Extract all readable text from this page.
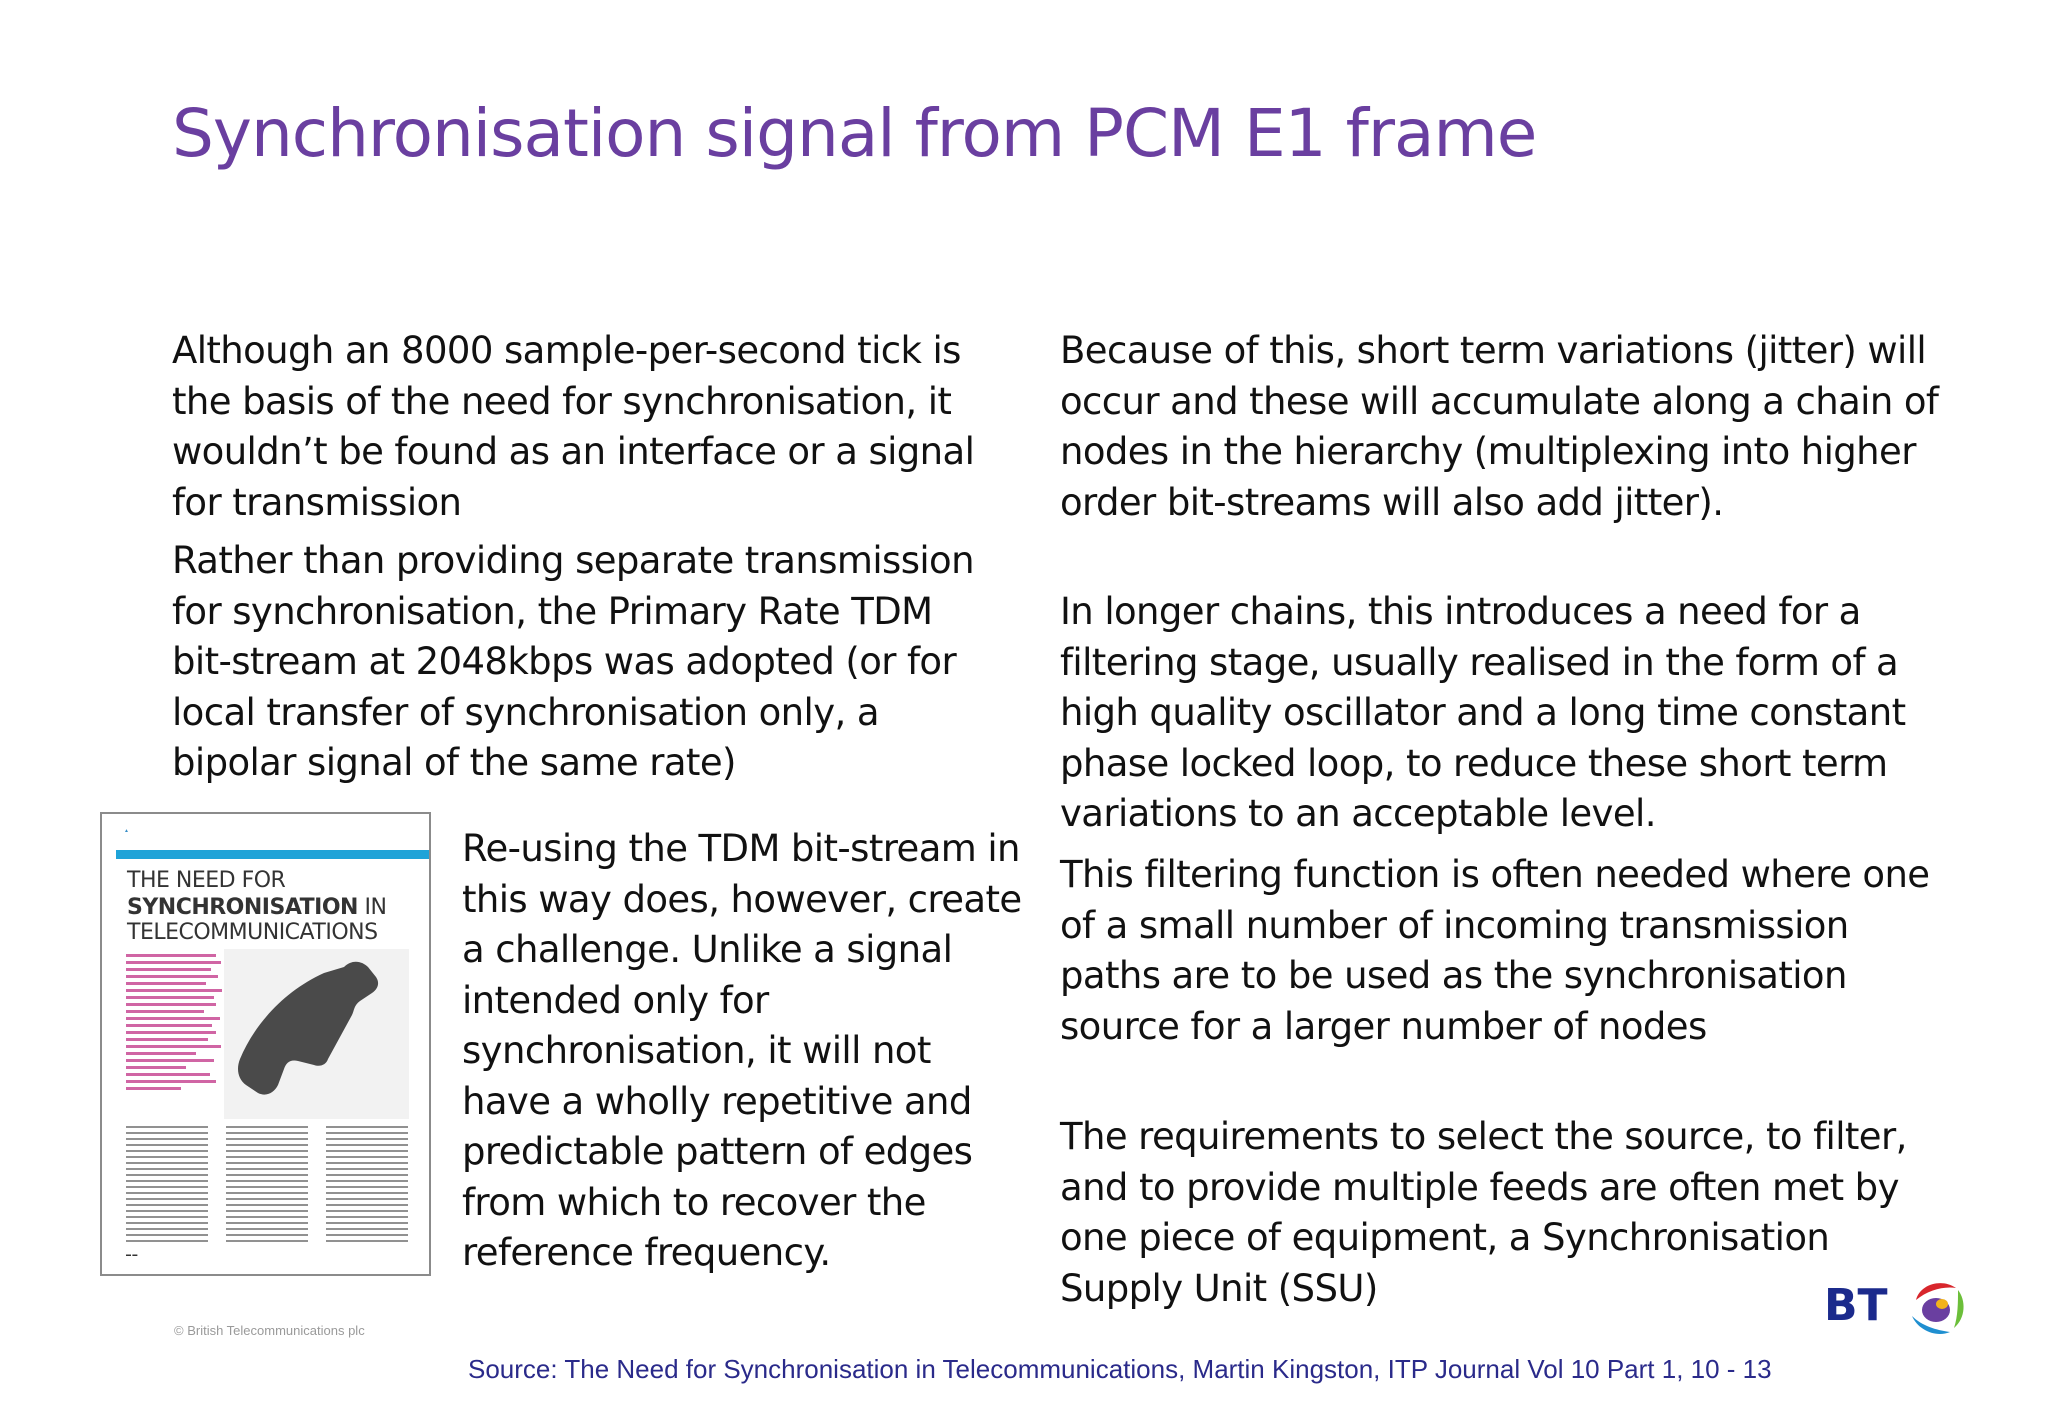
Synchronisation signal from PCM E1 frame

Although an 8000 sample-per-second tick is the basis of the need for synchronisation, it wouldn’t be found as an interface or a signal for transmission

Rather than providing separate transmission for synchronisation, the Primary Rate TDM bit-stream at 2048kbps was adopted (or for local transfer of synchronisation only, a bipolar signal of the same rate)

▲
THE NEED FOR
SYNCHRONISATION IN
TELECOMMUNICATIONS
▬ ▬

Re-using the TDM bit-stream in this way does, however, create a challenge. Unlike a signal intended only for synchronisation, it will not have a wholly repetitive and predictable pattern of edges from which to recover the reference frequency.

Because of this, short term variations (jitter) will occur and these will accumulate along a chain of nodes in the hierarchy (multiplexing into higher order bit-streams will also add jitter).

In longer chains, this introduces a need for a filtering stage, usually realised in the form of a high quality oscillator and a long time constant phase locked loop, to reduce these short term variations to an acceptable level.

This filtering function is often needed where one of a small number of incoming transmission paths are to be used as the synchronisation source for a larger number of nodes

The requirements to select the source, to filter, and to provide multiple feeds are often met by one piece of equipment, a Synchronisation Supply Unit (SSU)

© British Telecommunications plc
Source: The Need for Synchronisation in Telecommunications, Martin Kingston, ITP Journal Vol 10 Part 1, 10 - 13
BT
